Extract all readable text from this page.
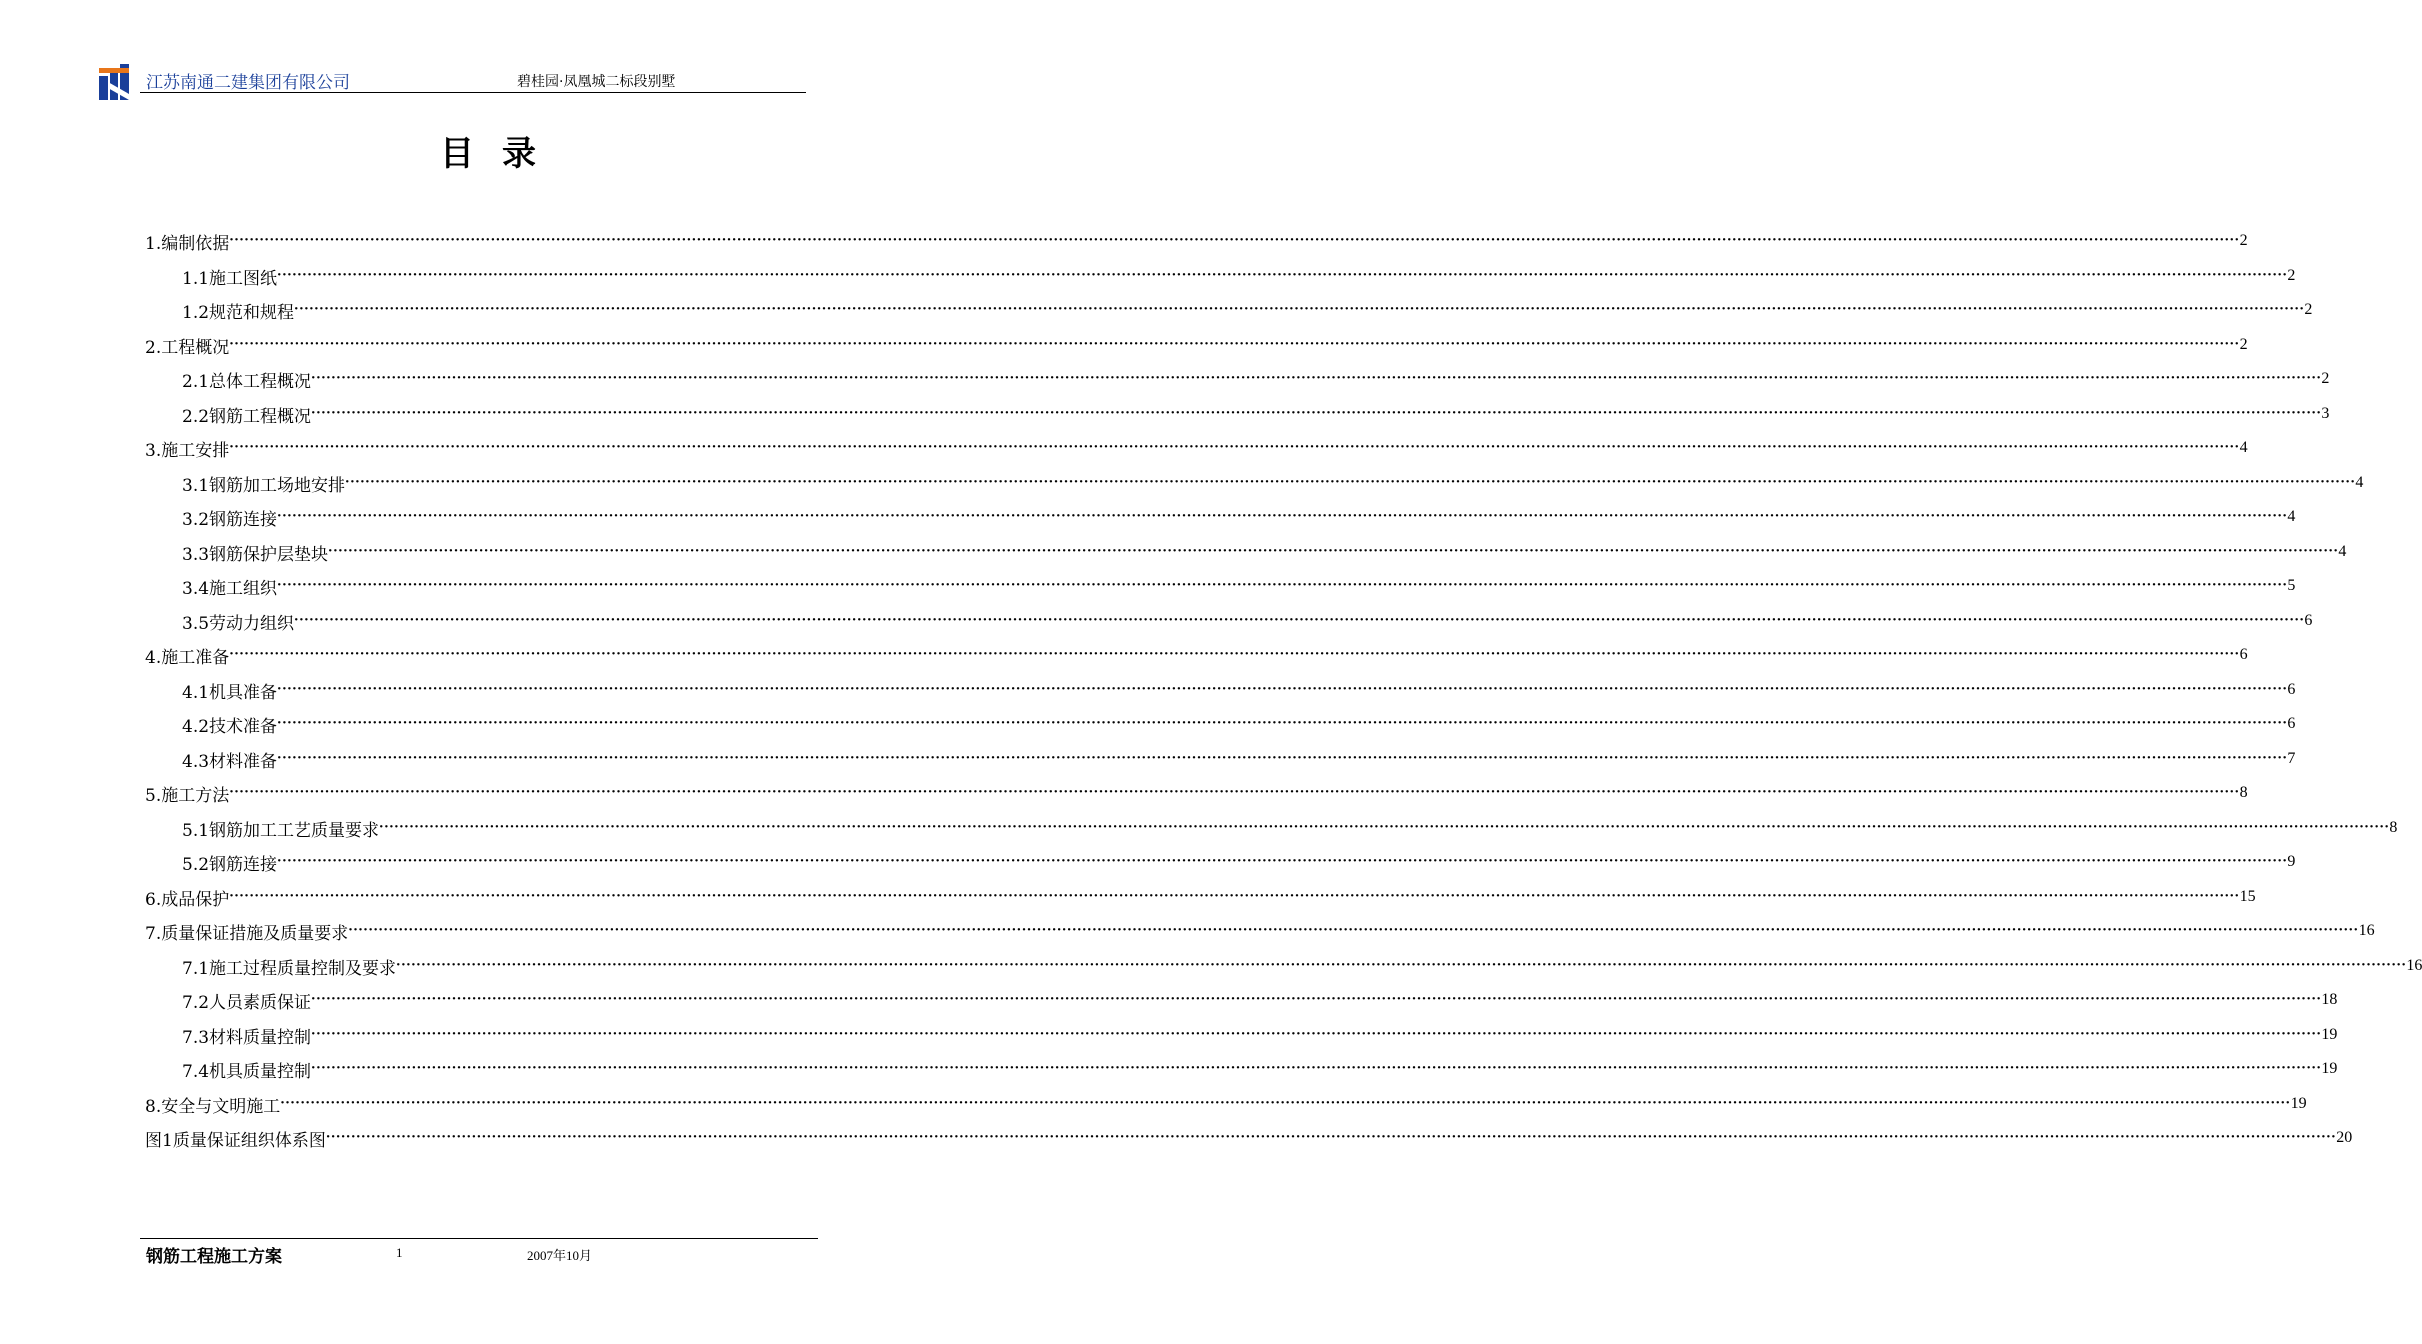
江苏南通二建集团有限公司	碧桂园·凤凰城二标段别墅
目录
1.编制依据 ················································································································································································································································································································································································································ 2
1.1施工图纸 ················································································································································································································································································································································································································ 2
1.2规范和规程 ················································································································································································································································································································································································································ 2
2.工程概况 ················································································································································································································································································································································································································ 2
2.1总体工程概况 ················································································································································································································································································································································································································ 2
2.2钢筋工程概况 ················································································································································································································································································································································································································ 3
3.施工安排 ················································································································································································································································································································································································································ 4
3.1钢筋加工场地安排 ················································································································································································································································································································································································································ 4
3.2钢筋连接 ················································································································································································································································································································································································································ 4
3.3钢筋保护层垫块 ················································································································································································································································································································································································································ 4
3.4施工组织 ················································································································································································································································································································································································································ 5
3.5劳动力组织 ················································································································································································································································································································································································································ 6
4.施工准备 ················································································································································································································································································································································································································ 6
4.1机具准备 ················································································································································································································································································································································································································ 6
4.2技术准备 ················································································································································································································································································································································································································ 6
4.3材料准备 ················································································································································································································································································································································································································ 7
5.施工方法 ················································································································································································································································································································································································································ 8
5.1钢筋加工工艺质量要求 ················································································································································································································································································································································································································ 8
5.2钢筋连接 ················································································································································································································································································································································································································ 9
6.成品保护 ················································································································································································································································································································································································································ 15
7.质量保证措施及质量要求 ················································································································································································································································································································································································································ 16
7.1施工过程质量控制及要求 ················································································································································································································································································································································································································ 16
7.2人员素质保证 ················································································································································································································································································································································································································ 18
7.3材料质量控制 ················································································································································································································································································································································································································ 19
7.4机具质量控制 ················································································································································································································································································································································································································ 19
8.安全与文明施工 ················································································································································································································································································································································································································ 19
图1质量保证组织体系图 ················································································································································································································································································································································································································ 20
钢筋工程施工方案	1	2007年10月
